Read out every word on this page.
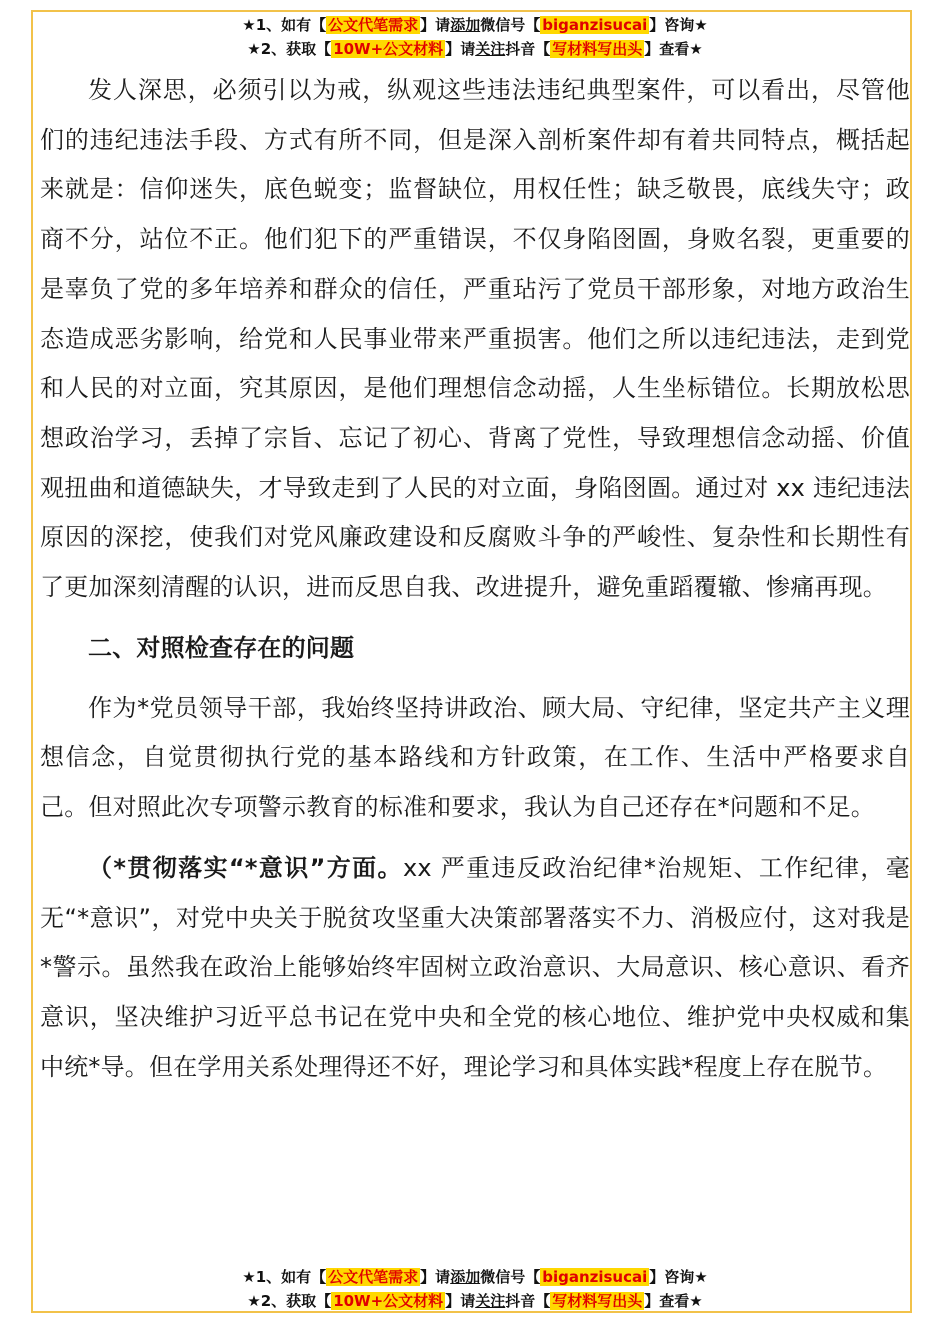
★1、如有【 公文代笔需求 】请添加微信号【 biganzisucai 】咨询★
★2、获取【 10W+公文材料 】请关注抖音【 写材料写出头 】查看★

发人深思，必须引以为戒，纵观这些违法违纪典型案件，可以看出，尽管他们的违纪违法手段、方式有所不同，但是深入剖析案件却有着共同特点，概括起来就是：信仰迷失，底色蜕变；监督缺位，用权任性；缺乏敬畏，底线失守；政商不分，站位不正。他们犯下的严重错误，不仅身陷囹圄，身败名裂，更重要的是辜负了党的多年培养和群众的信任，严重玷污了党员干部形象，对地方政治生态造成恶劣影响，给党和人民事业带来严重损害。他们之所以违纪违法，走到党和人民的对立面，究其原因，是他们理想信念动摇，人生坐标错位。长期放松思想政治学习，丢掉了宗旨、忘记了初心、背离了党性，导致理想信念动摇、价值观扭曲和道德缺失，才导致走到了人民的对立面，身陷囹圄。通过对 xx 违纪违法原因的深挖，使我们对党风廉政建设和反腐败斗争的严峻性、复杂性和长期性有了更加深刻清醒的认识，进而反思自我、改进提升，避免重蹈覆辙、惨痛再现。

二、对照检查存在的问题

作为*党员领导干部，我始终坚持讲政治、顾大局、守纪律，坚定共产主义理想信念，自觉贯彻执行党的基本路线和方针政策，在工作、生活中严格要求自己。但对照此次专项警示教育的标准和要求，我认为自己还存在*问题和不足。

（*贯彻落实“*意识”方面。xx 严重违反政治纪律*治规矩、工作纪律，毫无“*意识”，对党中央关于脱贫攻坚重大决策部署落实不力、消极应付，这对我是*警示。虽然我在政治上能够始终牢固树立政治意识、大局意识、核心意识、看齐意识，坚决维护习近平总书记在党中央和全党的核心地位、维护党中央权威和集中统*导。但在学用关系处理得还不好，理论学习和具体实践*程度上存在脱节。

★1、如有【 公文代笔需求 】请添加微信号【 biganzisucai 】咨询★
★2、获取【 10W+公文材料 】请关注抖音【 写材料写出头 】查看★
